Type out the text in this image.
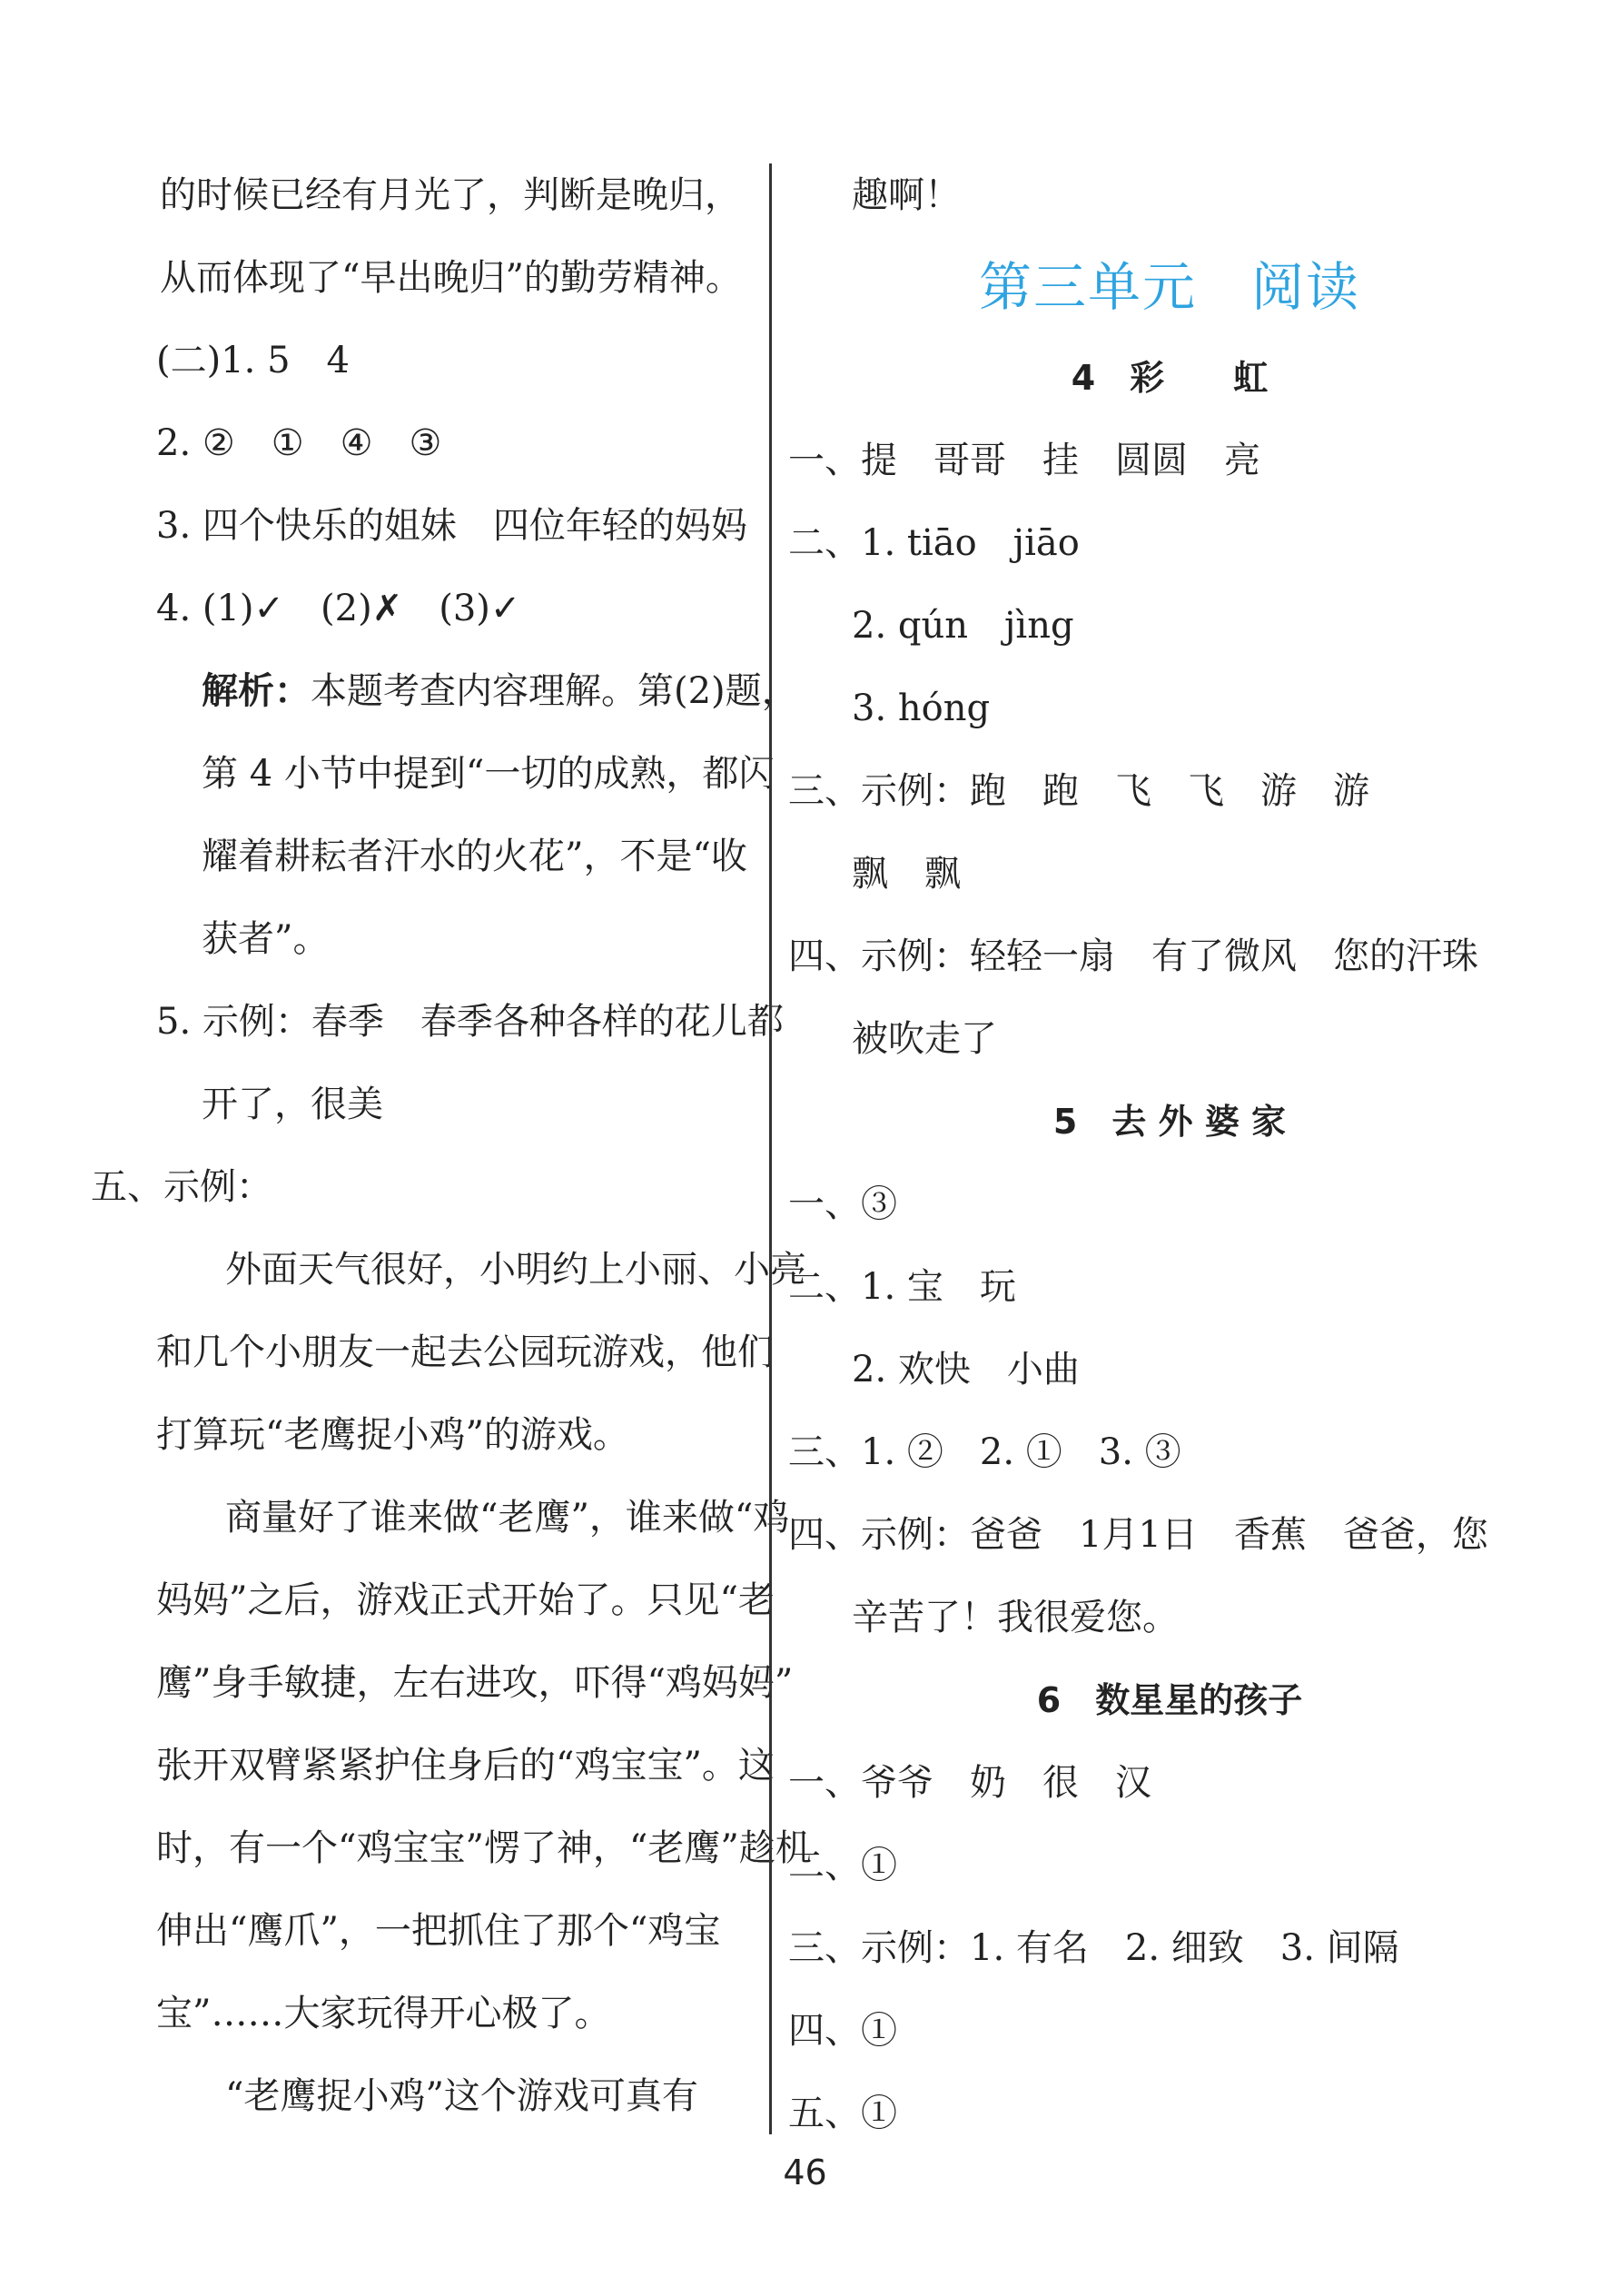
的时候已经有月光了，判断是晚归，
从而体现了“早出晚归”的勤劳精神。
(二)1. 5　4
2. ②　①　④　③
3. 四个快乐的姐妹　四位年轻的妈妈
4. (1)✓　(2)✗　(3)✓
解析：本题考查内容理解。第(2)题，
第 4 小节中提到“一切的成熟，都闪
耀着耕耘者汗水的火花”，不是“收
获者”。
5. 示例：春季　春季各种各样的花儿都
开了，很美
五、示例：
外面天气很好，小明约上小丽、小亮
和几个小朋友一起去公园玩游戏，他们
打算玩“老鹰捉小鸡”的游戏。
商量好了谁来做“老鹰”，谁来做“鸡
妈妈”之后，游戏正式开始了。只见“老
鹰”身手敏捷，左右进攻，吓得“鸡妈妈”
张开双臂紧紧护住身后的“鸡宝宝”。这
时，有一个“鸡宝宝”愣了神，“老鹰”趁机
伸出“鹰爪”，一把抓住了那个“鸡宝
宝”……大家玩得开心极了。
“老鹰捉小鸡”这个游戏可真有
趣啊！
第三单元　阅读
4　彩　　虹
一、提　哥哥　挂　圆圆　亮
二、1. tiāo　jiāo
2. qún　jìng
3. hóng
三、示例：跑　跑　飞　飞　游　游
飘　飘
四、示例：轻轻一扇　有了微风　您的汗珠
被吹走了
5　去 外 婆 家
一、③
二、1. 宝　玩
2. 欢快　小曲
三、1. ②　2. ①　3. ③
四、示例：爸爸　1月1日　香蕉　爸爸，您
辛苦了！我很爱您。
6　数星星的孩子
一、爷爷　奶　很　汉
二、①
三、示例：1. 有名　2. 细致　3. 间隔
四、①
五、①
46
